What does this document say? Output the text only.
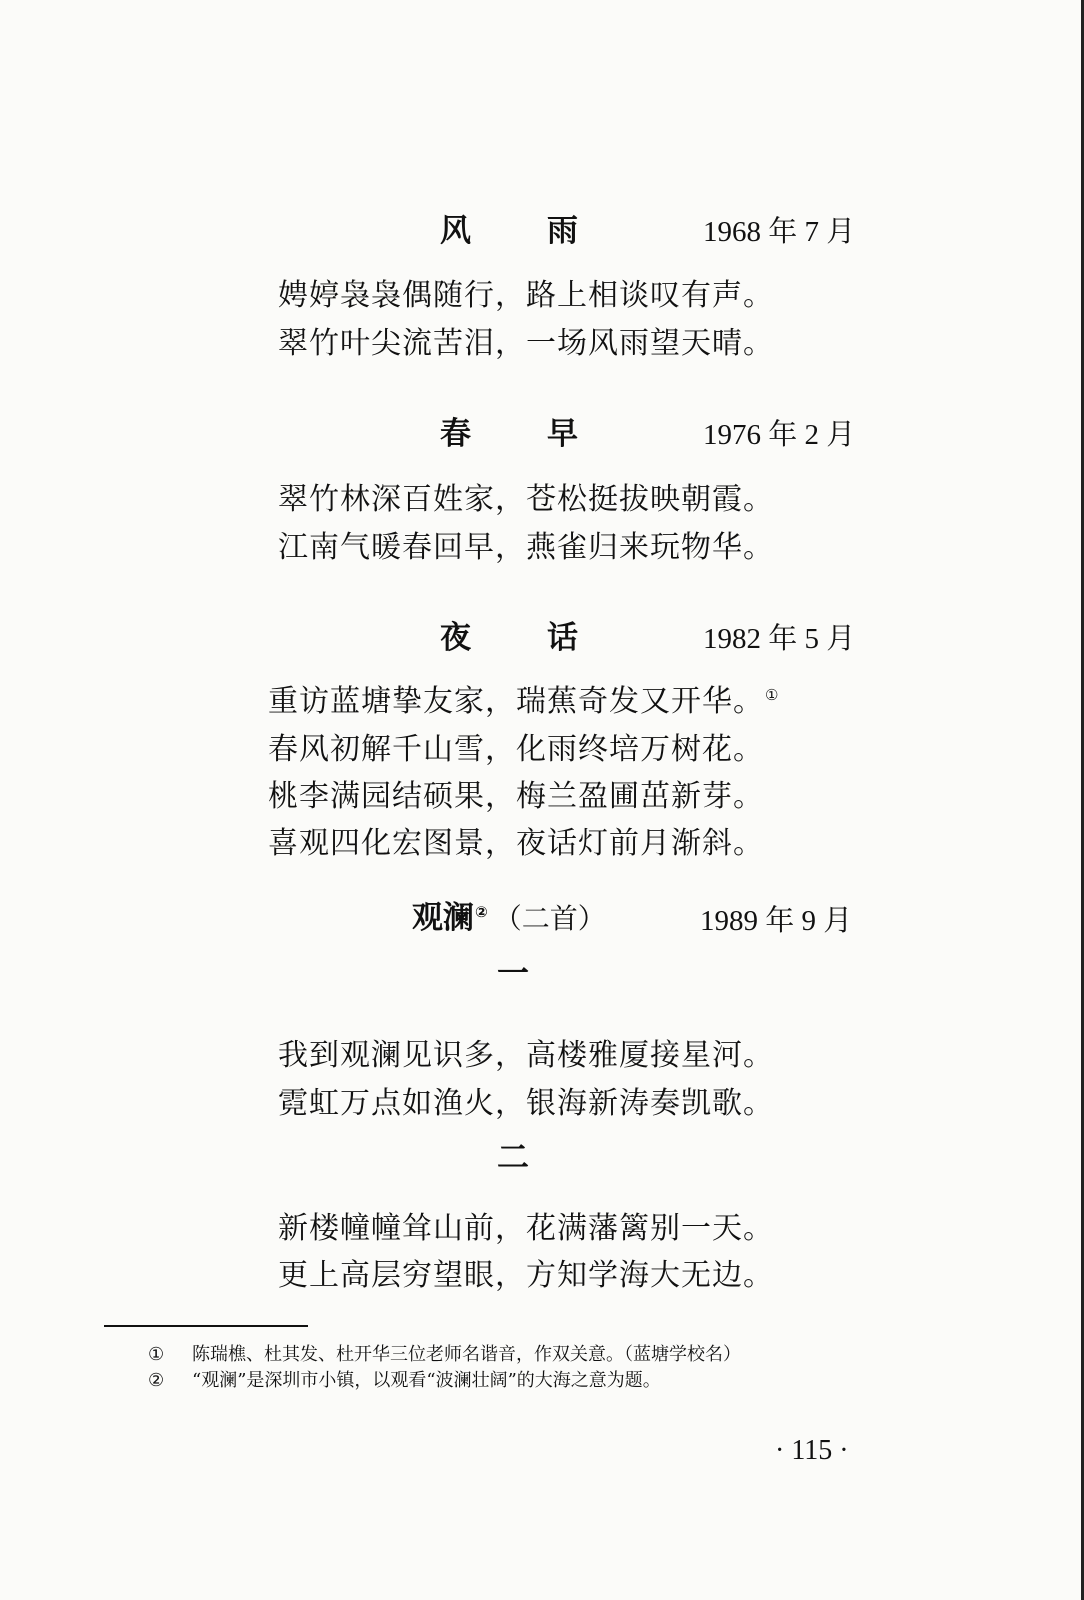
风 雨	1968 年 7 月
娉婷袅袅偶随行，路上相谈叹有声。
翠竹叶尖流苦泪，一场风雨望天晴。
春 早	1976 年 2 月
翠竹林深百姓家，苍松挺拔映朝霞。
江南气暖春回早，燕雀归来玩物华。
夜 话	1982 年 5 月
重访蓝塘挚友家，瑞蕉奇发又开华。①
春风初解千山雪，化雨终培万树花。
桃李满园结硕果，梅兰盈圃茁新芽。
喜观四化宏图景，夜话灯前月渐斜。
观澜② （二首）	1989 年 9 月
一
我到观澜见识多，高楼雅厦接星河。
霓虹万点如渔火，银海新涛奏凯歌。
二
新楼幢幢耸山前，花满藩篱别一天。
更上高层穷望眼，方知学海大无边。
① 陈瑞樵、杜其发、杜开华三位老师名谐音，作双关意。（蓝塘学校名）
② “观澜”是深圳市小镇，以观看“波澜壮阔”的大海之意为题。
· 115 ·
